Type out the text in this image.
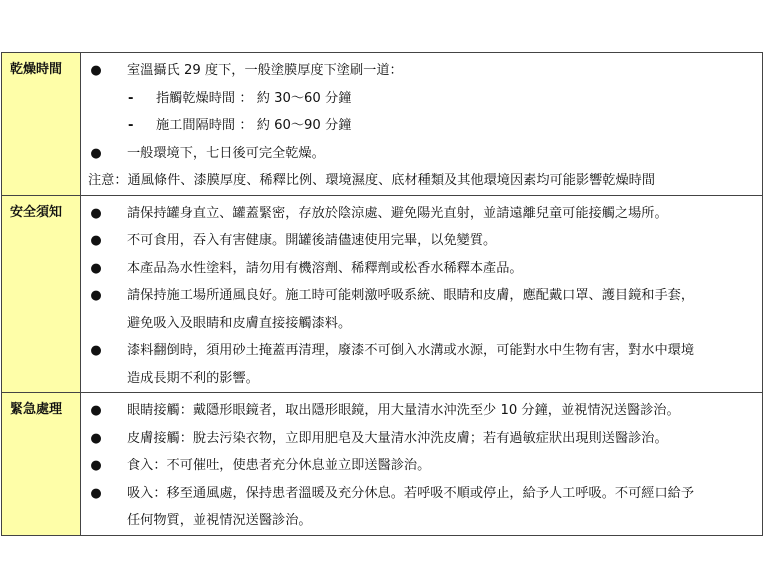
乾燥時間	● 室溫攝氏 29 度下，一般塗膜厚度下塗刷一道：
- 指觸乾燥時間 ： 約 30～60 分鐘
- 施工間隔時間 ： 約 60～90 分鐘
● 一般環境下，七日後可完全乾燥。
注意：通風條件、漆膜厚度、稀釋比例、環境濕度、底材種類及其他環境因素均可能影響乾燥時間
安全須知	● 請保持罐身直立、罐蓋緊密，存放於陰涼處、避免陽光直射，並請遠離兒童可能接觸之場所。
● 不可食用，吞入有害健康。開罐後請儘速使用完畢，以免變質。
● 本產品為水性塗料，請勿用有機溶劑、稀釋劑或松香水稀釋本產品。
● 請保持施工場所通風良好。施工時可能刺激呼吸系統、眼睛和皮膚，應配戴口罩、護目鏡和手套，
避免吸入及眼睛和皮膚直接接觸漆料。
● 漆料翻倒時，須用砂土掩蓋再清理，廢漆不可倒入水溝或水源，可能對水中生物有害，對水中環境
造成長期不利的影響。
緊急處理	● 眼睛接觸：戴隱形眼鏡者，取出隱形眼鏡，用大量清水沖洗至少 10 分鐘，並視情況送醫診治。
● 皮膚接觸：脫去污染衣物，立即用肥皂及大量清水沖洗皮膚；若有過敏症狀出現則送醫診治。
● 食入：不可催吐，使患者充分休息並立即送醫診治。
● 吸入：移至通風處，保持患者溫暖及充分休息。若呼吸不順或停止，給予人工呼吸。不可經口給予
任何物質，並視情況送醫診治。
